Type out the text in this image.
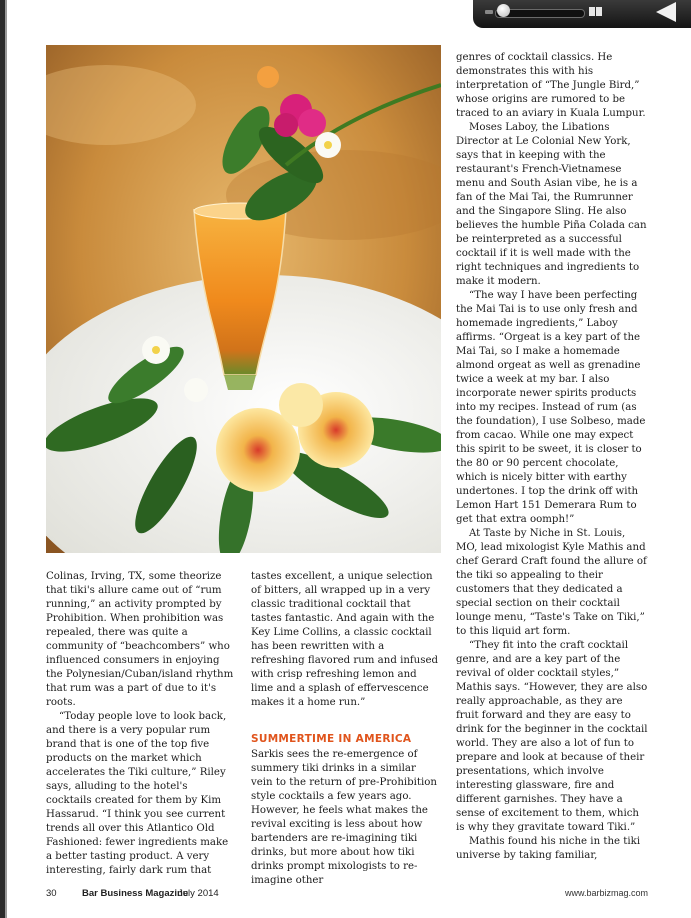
Colinas, Irving, TX, some theorize that tiki's allure came out of “rum running,” an activity prompted by Prohibition. When prohibition was repealed, there was quite a community of “beachcombers” who influenced consumers in enjoying the Polynesian/Cuban/island rhythm that rum was a part of due to it's roots.

“Today people love to look back, and there is a very popular rum brand that is one of the top five products on the market which accelerates the Tiki culture,” Riley says, alluding to the hotel's cocktails created for them by Kim Hassarud. “I think you see current trends all over this Atlantico Old Fashioned: fewer ingredients make a better tasting product. A very interesting, fairly dark rum that

tastes excellent, a unique selection of bitters, all wrapped up in a very classic traditional cocktail that tastes fantastic. And again with the Key Lime Collins, a classic cocktail has been rewritten with a refreshing flavored rum and infused with crisp refreshing lemon and lime and a splash of effervescence makes it a home run.”

SUMMERTIME IN AMERICA

Sarkis sees the re-emergence of summery tiki drinks in a similar vein to the return of pre-Prohibition style cocktails a few years ago. However, he feels what makes the revival exciting is less about how bartenders are re-imagining tiki drinks, but more about how tiki drinks prompt mixologists to re-imagine other

genres of cocktail classics. He demonstrates this with his interpretation of “The Jungle Bird,” whose origins are rumored to be traced to an aviary in Kuala Lumpur.

Moses Laboy, the Libations Director at Le Colonial New York, says that in keeping with the restaurant's French-Vietnamese menu and South Asian vibe, he is a fan of the Mai Tai, the Rumrunner and the Singapore Sling. He also believes the humble Piña Colada can be reinterpreted as a successful cocktail if it is well made with the right techniques and ingredients to make it modern.

“The way I have been perfecting the Mai Tai is to use only fresh and homemade ingredients,” Laboy affirms. “Orgeat is a key part of the Mai Tai, so I make a homemade almond orgeat as well as grenadine twice a week at my bar. I also incorporate newer spirits products into my recipes. Instead of rum (as the foundation), I use Solbeso, made from cacao. While one may expect this spirit to be sweet, it is closer to the 80 or 90 percent chocolate, which is nicely bitter with earthy undertones. I top the drink off with Lemon Hart 151 Demerara Rum to get that extra oomph!”

At Taste by Niche in St. Louis, MO, lead mixologist Kyle Mathis and chef Gerard Craft found the allure of the tiki so appealing to their customers that they dedicated a special section on their cocktail lounge menu, “Taste's Take on Tiki,” to this liquid art form.

“They fit into the craft cocktail genre, and are a key part of the revival of older cocktail styles,” Mathis says. “However, they are also really approachable, as they are fruit forward and they are easy to drink for the beginner in the cocktail world. They are also a lot of fun to prepare and look at because of their presentations, which involve interesting glassware, fire and different garnishes. They have a sense of excitement to them, which is why they gravitate toward Tiki.”

Mathis found his niche in the tiki universe by taking familiar,

30	Bar Business Magazine
July 2014	www.barbizmag.com
